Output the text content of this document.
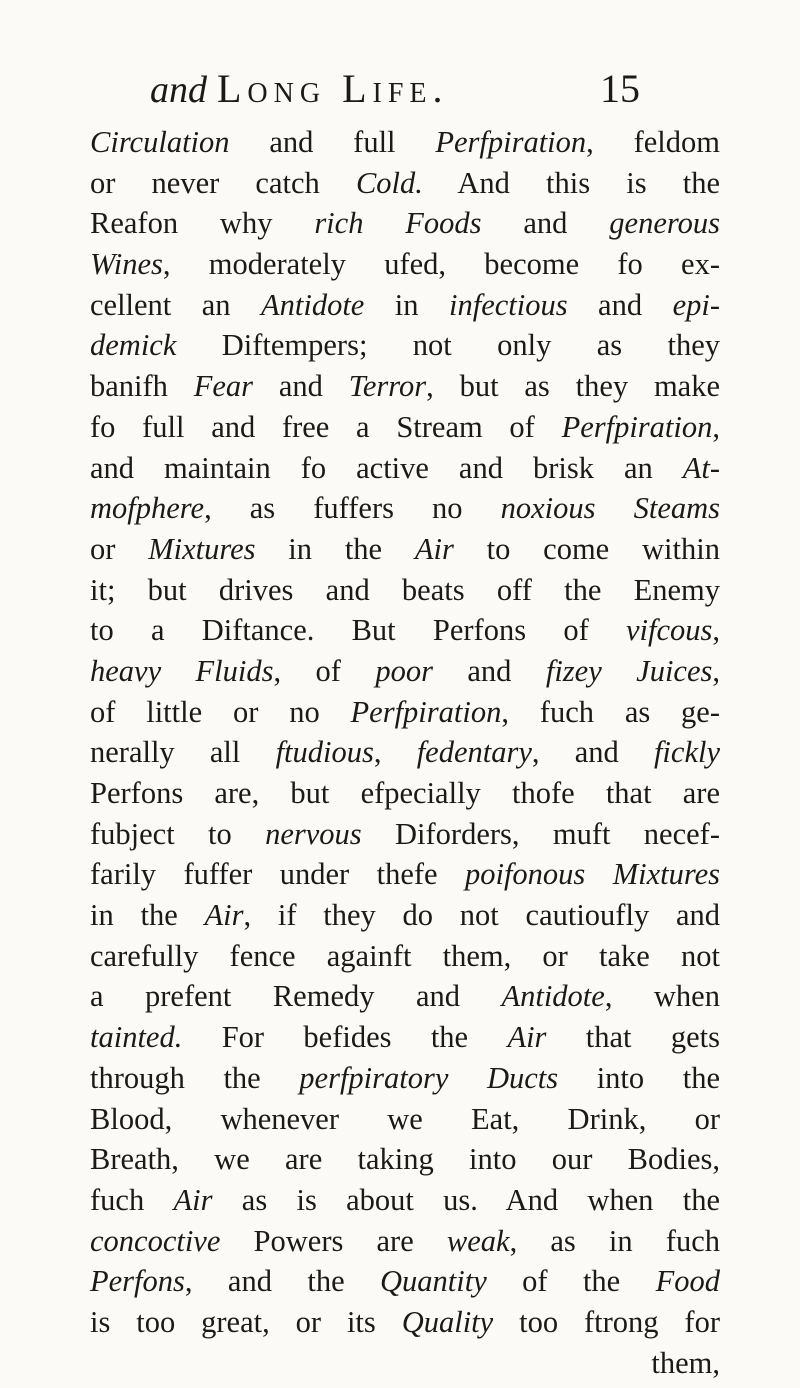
and Long Life.	15
Circulation and full Perfpiration, feldom
or never catch Cold. And this is the
Reafon why rich Foods and generous
Wines, moderately ufed, become fo ex-
cellent an Antidote in infectious and epi-
demick Diftempers; not only as they
banifh Fear and Terror, but as they make
fo full and free a Stream of Perfpiration,
and maintain fo active and brisk an At-
mofphere, as fuffers no noxious Steams
or Mixtures in the Air to come within
it; but drives and beats off the Enemy
to a Diftance. But Perfons of vifcous,
heavy Fluids, of poor and fizey Juices,
of little or no Perfpiration, fuch as ge-
nerally all ftudious, fedentary, and fickly
Perfons are, but efpecially thofe that are
fubject to nervous Diforders, muft necef-
farily fuffer under thefe poifonous Mixtures
in the Air, if they do not cautioufly and
carefully fence againft them, or take not
a prefent Remedy and Antidote, when
tainted. For befides the Air that gets
through the perfpiratory Ducts into the
Blood, whenever we Eat, Drink, or
Breath, we are taking into our Bodies,
fuch Air as is about us. And when the
concoctive Powers are weak, as in fuch
Perfons, and the Quantity of the Food
is too great, or its Quality too ftrong for
them,
